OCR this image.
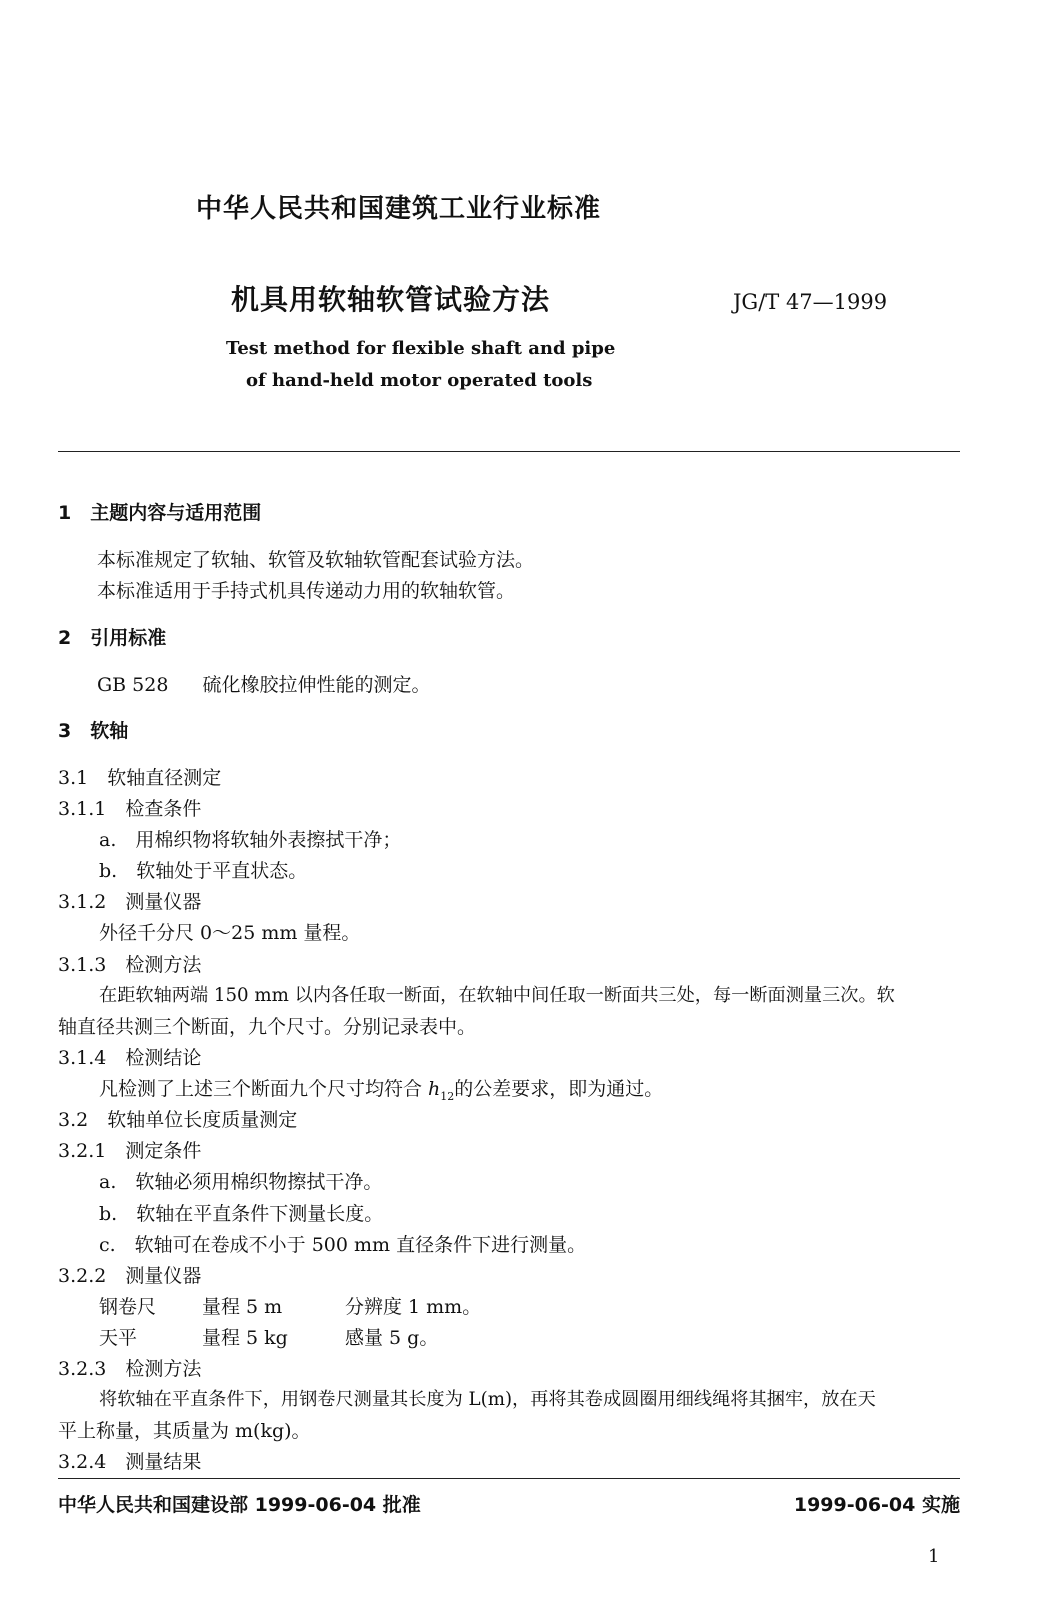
中华人民共和国建筑工业行业标准
机具用软轴软管试验方法	JG/T 47—1999
Test method for flexible shaft and pipe
of hand-held motor operated tools
1　主题内容与适用范围
本标准规定了软轴、软管及软轴软管配套试验方法。
本标准适用于手持式机具传递动力用的软轴软管。
2　引用标准
GB 528 硫化橡胶拉伸性能的测定。
3　软轴
3.1　软轴直径测定
3.1.1　检查条件
a.　用棉织物将软轴外表擦拭干净；
b.　软轴处于平直状态。
3.1.2　测量仪器
外径千分尺 0～25 mm 量程。
3.1.3　检测方法
在距软轴两端 150 mm 以内各任取一断面，在软轴中间任取一断面共三处，每一断面测量三次。软
轴直径共测三个断面，九个尺寸。分别记录表中。
3.1.4　检测结论
凡检测了上述三个断面九个尺寸均符合 $h_{12}$的公差要求，即为通过。
3.2　软轴单位长度质量测定
3.2.1　测定条件
a.　软轴必须用棉织物擦拭干净。
b.　软轴在平直条件下测量长度。
c.　软轴可在卷成不小于 500 mm 直径条件下进行测量。
3.2.2　测量仪器
钢卷尺 量程 5 m	分辨度 1 mm。
天平	量程 5 kg	感量 5 g。
3.2.3　检测方法
将软轴在平直条件下，用钢卷尺测量其长度为 L(m)，再将其卷成圆圈用细线绳将其捆牢，放在天
平上称量，其质量为 m(kg)。
3.2.4　测量结果
中华人民共和国建设部 1999-06-04 批准	1999-06-04 实施
1
